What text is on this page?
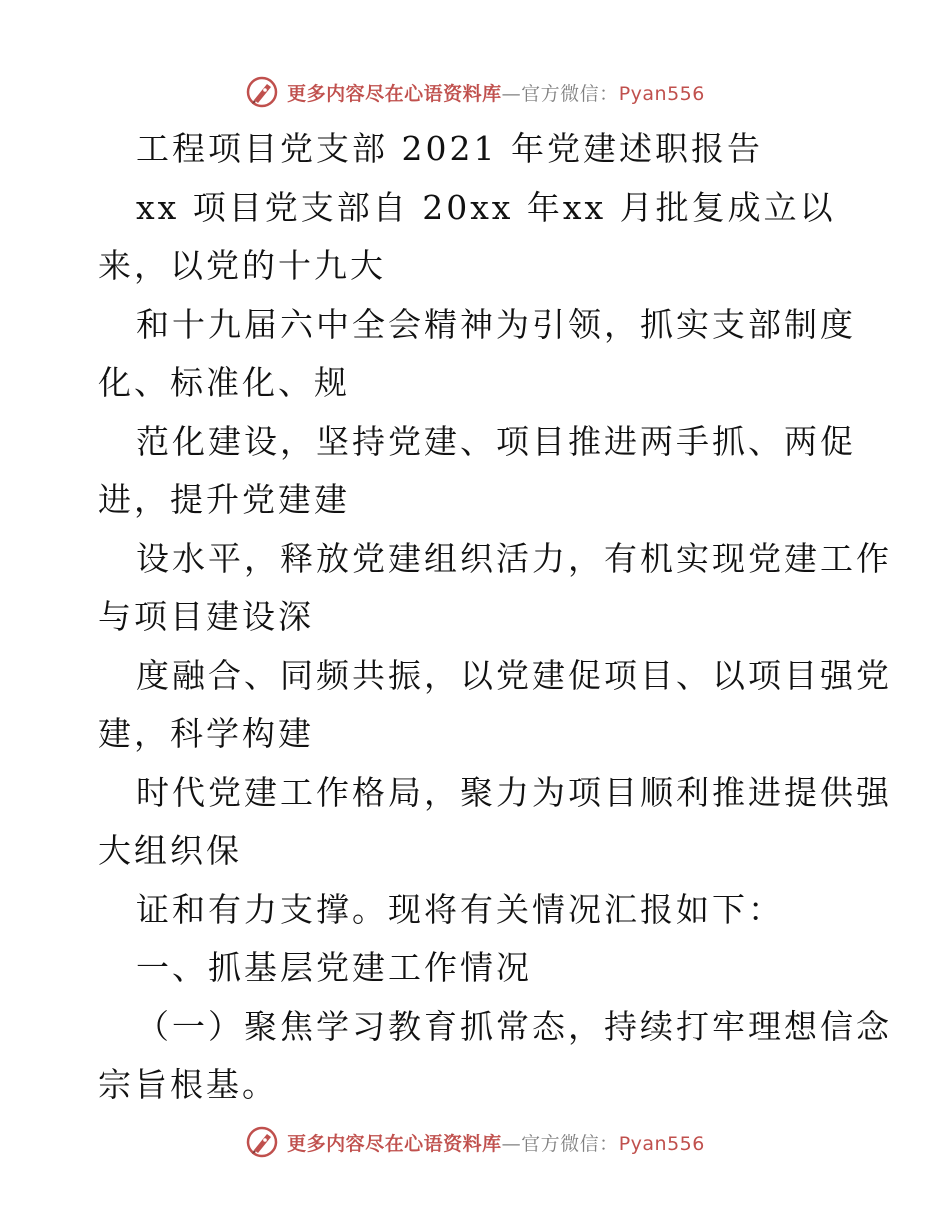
更多内容尽在心语资料库—官方微信：Pyan556
工程项目党支部 2021 年党建述职报告
xx 项目党支部自 20xx 年xx 月批复成立以
来，以党的十九大
和十九届六中全会精神为引领，抓实支部制度
化、标准化、规
范化建设，坚持党建、项目推进两手抓、两促
进，提升党建建
设水平，释放党建组织活力，有机实现党建工作
与项目建设深
度融合、同频共振，以党建促项目、以项目强党
建，科学构建
时代党建工作格局，聚力为项目顺利推进提供强
大组织保
证和有力支撑。现将有关情况汇报如下：
一、抓基层党建工作情况
（一）聚焦学习教育抓常态，持续打牢理想信念
宗旨根基。
更多内容尽在心语资料库—官方微信：Pyan556
